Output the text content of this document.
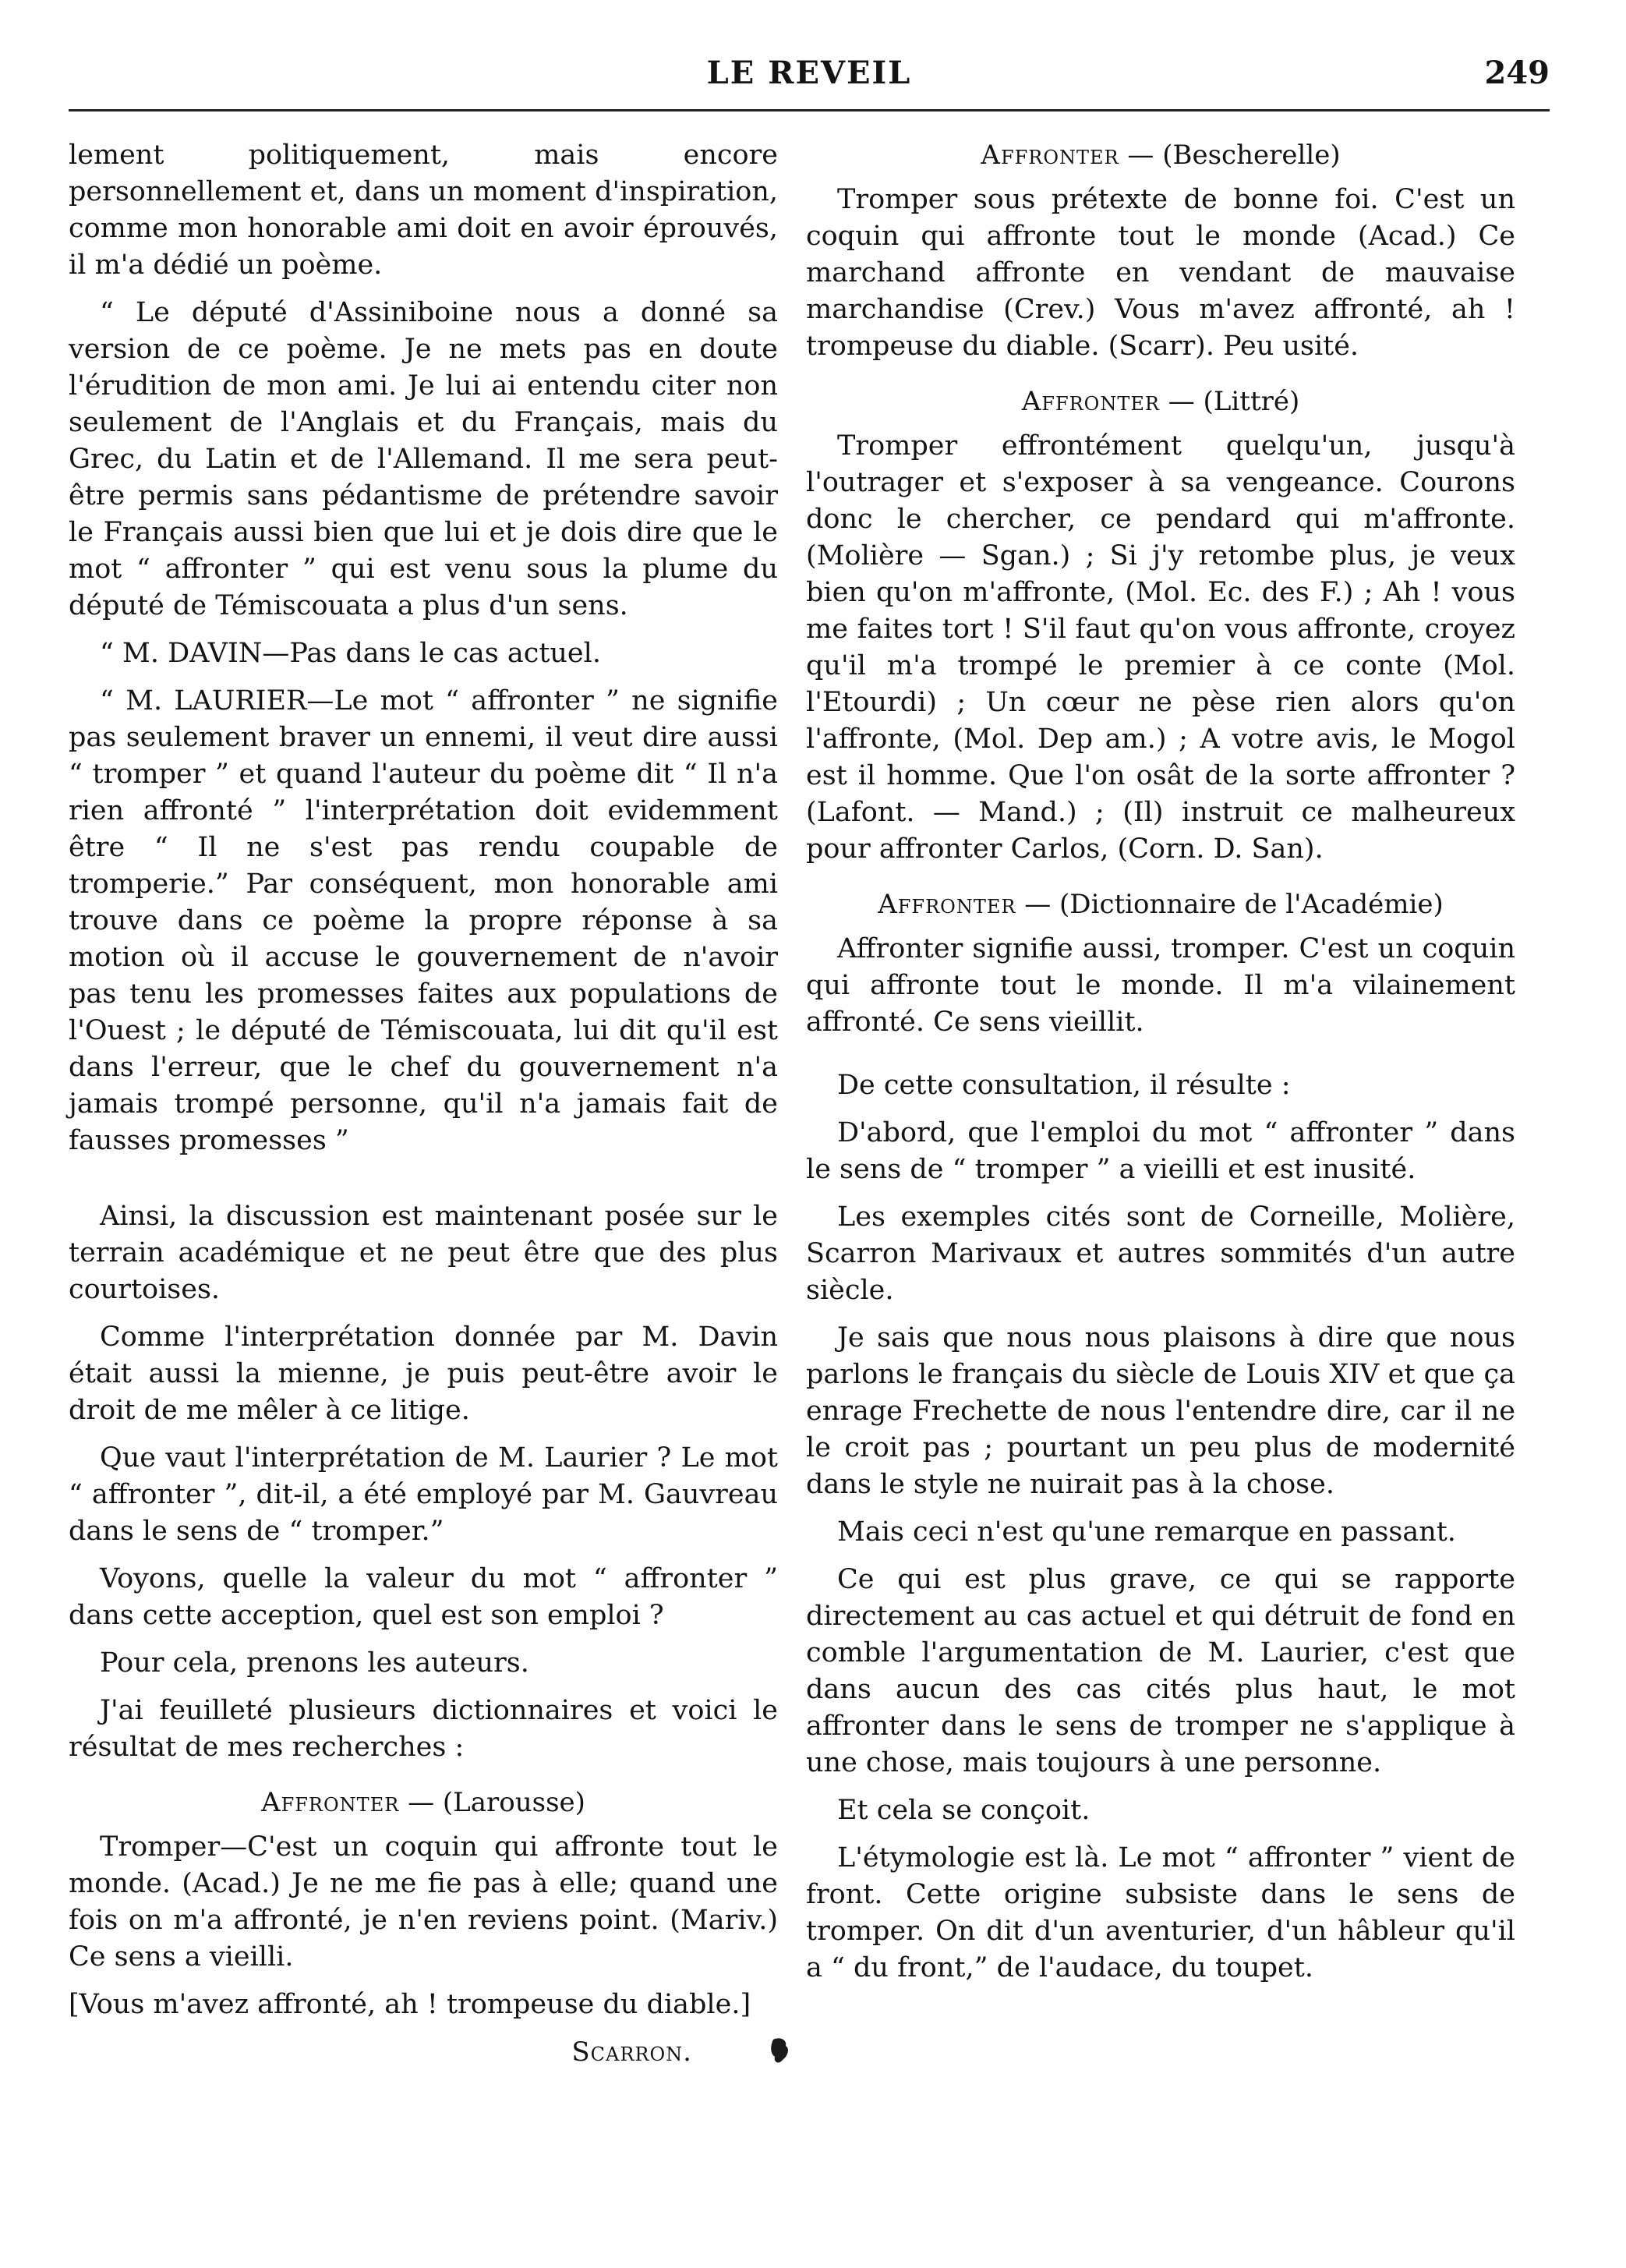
LE REVEIL	249

lement politiquement, mais encore personnellement et, dans un moment d'inspiration, comme mon honorable ami doit en avoir éprouvés, il m'a dédié un poème.

“ Le député d'Assiniboine nous a donné sa version de ce poème. Je ne mets pas en doute l'érudition de mon ami. Je lui ai entendu citer non seulement de l'Anglais et du Français, mais du Grec, du Latin et de l'Allemand. Il me sera peut-être permis sans pédantisme de prétendre savoir le Français aussi bien que lui et je dois dire que le mot “ affronter ” qui est venu sous la plume du député de Témiscouata a plus d'un sens.

“ M. DAVIN—Pas dans le cas actuel.

“ M. LAURIER—Le mot “ affronter ” ne signifie pas seulement braver un ennemi, il veut dire aussi “ tromper ” et quand l'auteur du poème dit “ Il n'a rien affronté ” l'interprétation doit evidemment être “ Il ne s'est pas rendu coupable de tromperie.” Par conséquent, mon honorable ami trouve dans ce poème la propre réponse à sa motion où il accuse le gouvernement de n'avoir pas tenu les promesses faites aux populations de l'Ouest ; le député de Témiscouata, lui dit qu'il est dans l'erreur, que le chef du gouvernement n'a jamais trompé personne, qu'il n'a jamais fait de fausses promesses ”

Ainsi, la discussion est maintenant posée sur le terrain académique et ne peut être que des plus courtoises.

Comme l'interprétation donnée par M. Davin était aussi la mienne, je puis peut-être avoir le droit de me mêler à ce litige.

Que vaut l'interprétation de M. Laurier ? Le mot “ affronter ”, dit-il, a été employé par M. Gauvreau dans le sens de “ tromper.”

Voyons, quelle la valeur du mot “ affronter ” dans cette acception, quel est son emploi ?

Pour cela, prenons les auteurs.

J'ai feuilleté plusieurs dictionnaires et voici le résultat de mes recherches :

Affronter — (Larousse)

Tromper—C'est un coquin qui affronte tout le monde. (Acad.) Je ne me fie pas à elle; quand une fois on m'a affronté, je n'en reviens point. (Mariv.) Ce sens a vieilli.

[Vous m'avez affronté, ah ! trompeuse du diable.]

Scarron.
Affronter — (Bescherelle)

Tromper sous prétexte de bonne foi. C'est un coquin qui affronte tout le monde (Acad.) Ce marchand affronte en vendant de mauvaise marchandise (Crev.) Vous m'avez affronté, ah ! trompeuse du diable. (Scarr). Peu usité.

Affronter — (Littré)

Tromper effrontément quelqu'un, jusqu'à l'outrager et s'exposer à sa vengeance. Courons donc le chercher, ce pendard qui m'affronte. (Molière — Sgan.) ; Si j'y retombe plus, je veux bien qu'on m'affronte, (Mol. Ec. des F.) ; Ah ! vous me faites tort ! S'il faut qu'on vous affronte, croyez qu'il m'a trompé le premier à ce conte (Mol. l'Etourdi) ; Un cœur ne pèse rien alors qu'on l'affronte, (Mol. Dep am.) ; A votre avis, le Mogol est il homme. Que l'on osât de la sorte affronter ? (Lafont. — Mand.) ; (Il) instruit ce malheureux pour affronter Carlos, (Corn. D. San).

Affronter — (Dictionnaire de l'Académie)

Affronter signifie aussi, tromper. C'est un coquin qui affronte tout le monde. Il m'a vilainement affronté. Ce sens vieillit.

De cette consultation, il résulte :

D'abord, que l'emploi du mot “ affronter ” dans le sens de “ tromper ” a vieilli et est inusité.

Les exemples cités sont de Corneille, Molière, Scarron Marivaux et autres sommités d'un autre siècle.

Je sais que nous nous plaisons à dire que nous parlons le français du siècle de Louis XIV et que ça enrage Frechette de nous l'entendre dire, car il ne le croit pas ; pourtant un peu plus de modernité dans le style ne nuirait pas à la chose.

Mais ceci n'est qu'une remarque en passant.

Ce qui est plus grave, ce qui se rapporte directement au cas actuel et qui détruit de fond en comble l'argumentation de M. Laurier, c'est que dans aucun des cas cités plus haut, le mot affronter dans le sens de tromper ne s'applique à une chose, mais toujours à une personne.

Et cela se conçoit.

L'étymologie est là. Le mot “ affronter ” vient de front. Cette origine subsiste dans le sens de tromper. On dit d'un aventurier, d'un hâbleur qu'il a “ du front,” de l'audace, du toupet.
